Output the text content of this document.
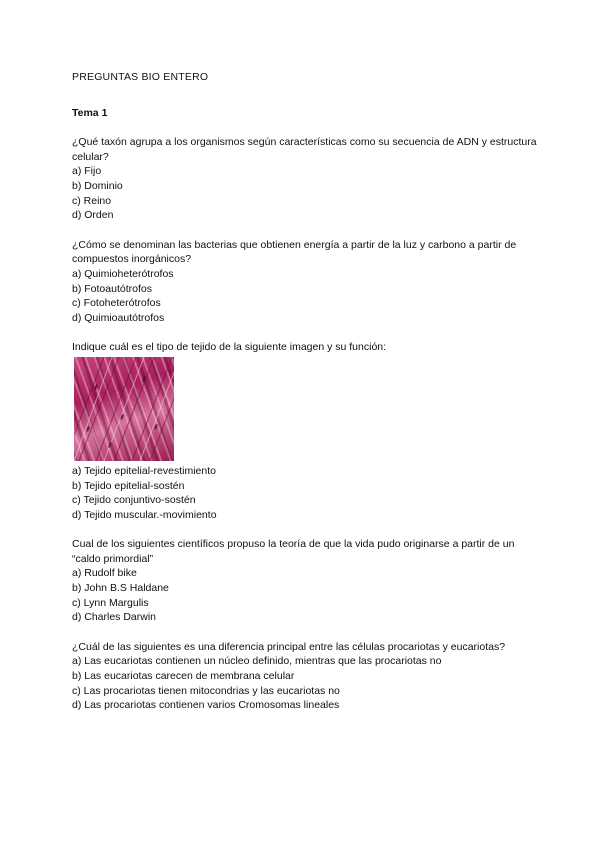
PREGUNTAS BIO ENTERO

Tema 1

¿Qué taxón agrupa a los organismos según características como su secuencia de ADN y estructura celular?

a) Fijo
b) Dominio
c) Reino
d) Orden

¿Cómo se denominan las bacterias que obtienen energía a partir de la luz y carbono a partir de compuestos inorgánicos?

a) Quimioheterótrofos
b) Fotoautótrofos
c) Fotoheterótrofos
d) Quimioautótrofos

Indique cuál es el tipo de tejido de la siguiente imagen y su función:

a) Tejido epitelial-revestimiento
b) Tejido epitelial-sostén
c) Tejido conjuntivo-sostén
d) Tejido muscular.-movimiento

Cual de los siguientes científicos propuso la teoría de que la vida pudo originarse a partir de un “caldo primordial”

a) Rudolf bike
b) John B.S Haldane
c) Lynn Margulis
d) Charles Darwin

¿Cuál de las siguientes es una diferencia principal entre las células procariotas y eucariotas?

a) Las eucariotas contienen un núcleo definido, mientras que las procariotas no
b) Las eucariotas carecen de membrana celular
c) Las procariotas tienen mitocondrias y las eucariotas no
d) Las procariotas contienen varios Cromosomas lineales
